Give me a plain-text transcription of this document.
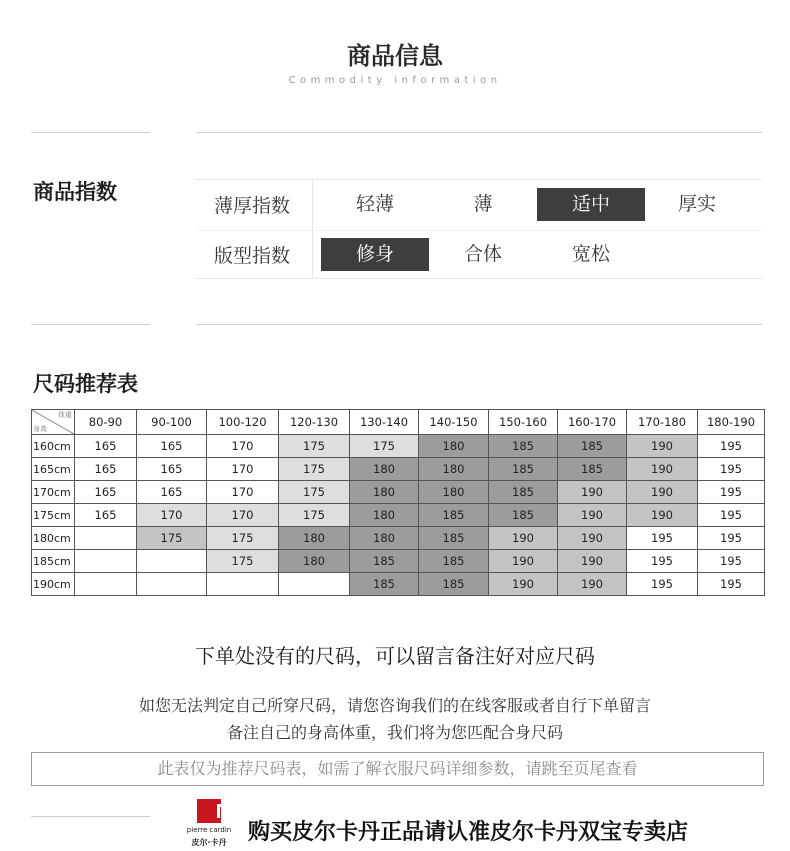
商品信息
Commodity information
商品指数
薄厚指数	轻薄	薄	适中	厚实
版型指数	修身	合体	宽松
尺码推荐表
体重
身高	80-90	90-100	100-120	120-130	130-140	140-150	150-160	160-170	170-180	180-190
160cm	165	165	170	175	175	180	185	185	190	195
165cm	165	165	170	175	180	180	185	185	190	195
170cm	165	165	170	175	180	180	185	190	190	195
175cm	165	170	170	175	180	185	185	190	190	195
180cm		175	175	180	180	185	190	190	195	195
185cm			175	180	185	185	190	190	195	195
190cm					185	185	190	190	195	195
下单处没有的尺码，可以留言备注好对应尺码
如您无法判定自己所穿尺码，请您咨询我们的在线客服或者自行下单留言
备注自己的身高体重，我们将为您匹配合身尺码
此表仅为推荐尺码表，如需了解衣服尺码详细参数，请跳至页尾查看
pierre cardin
皮尔·卡丹 购买皮尔卡丹正品请认准皮尔卡丹双宝专卖店
